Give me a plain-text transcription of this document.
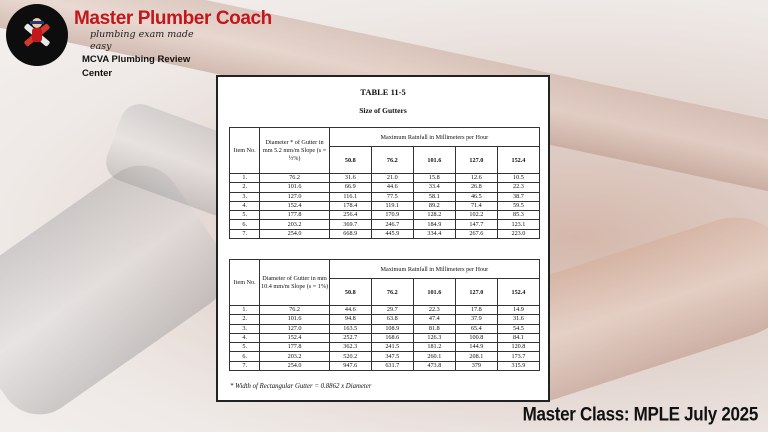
Master Plumber Coach
plumbing exam made easy
MCVA Plumbing Review Center
TABLE 11-5
Size of Gutters
Item No.	Diameter * of Gutter in mm 5.2 mm/m Slope (s = ½%)	Maximum Rainfall in Millimeters per Hour				
		50.8	76.2	101.6	127.0	152.4
1.	76.2	31.6	21.0	15.8	12.6	10.5
2.	101.6	66.9	44.6	33.4	26.8	22.3
3.	127.0	116.1	77.5	58.1	46.5	38.7
4.	152.4	178.4	119.1	89.2	71.4	59.5
5.	177.8	256.4	170.9	128.2	102.2	85.3
6.	203.2	369.7	246.7	184.9	147.7	123.1
7.	254.0	668.9	445.9	334.4	267.6	223.0
Item No.	Diameter of Gutter in mm 10.4 mm/m Slope (s = 1%)	Maximum Rainfall in Millimeters per Hour				
		50.8	76.2	101.6	127.0	152.4
1.	76.2	44.6	29.7	22.3	17.8	14.9
2.	101.6	94.8	63.8	47.4	37.9	31.6
3.	127.0	163.5	108.9	81.8	65.4	54.5
4.	152.4	252.7	168.6	126.3	100.8	84.1
5.	177.8	362.3	241.5	181.2	144.9	120.8
6.	203.2	520.2	347.5	260.1	208.1	173.7
7.	254.0	947.6	631.7	473.8	379	315.9
* Width of Rectangular Gutter = 0.8862 x Diameter
Master Class: MPLE July 2025
